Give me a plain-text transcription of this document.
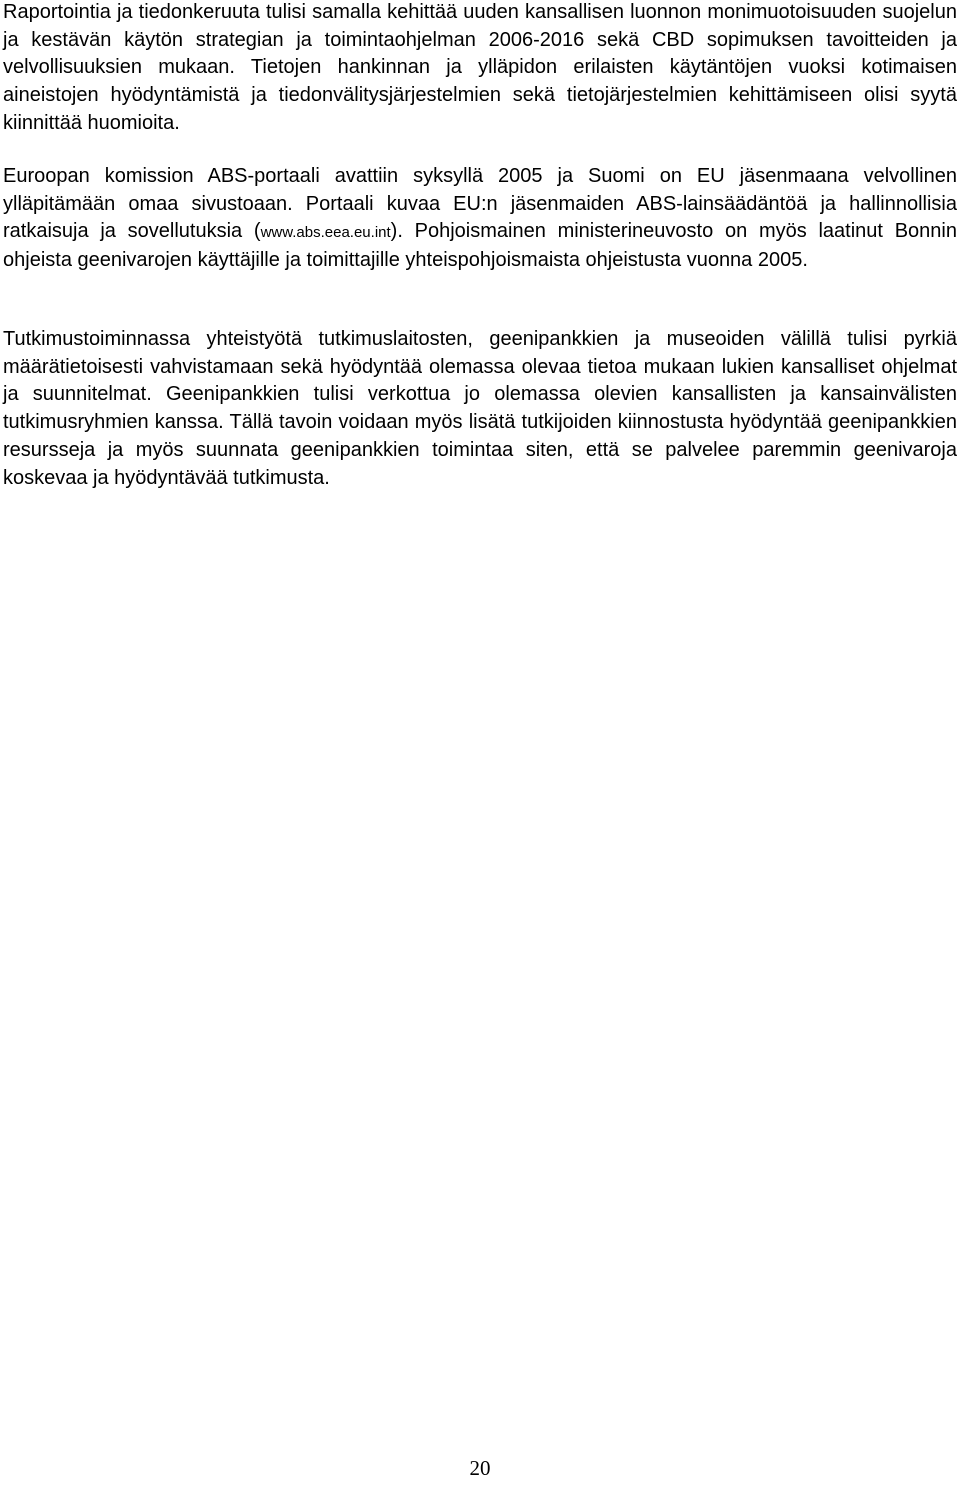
Raportointia ja tiedonkeruuta tulisi samalla kehittää uuden kansallisen luonnon monimuotoisuuden suojelun ja kestävän käytön strategian ja toimintaohjelman 2006-2016 sekä CBD sopimuksen tavoitteiden ja velvollisuuksien mukaan. Tietojen hankinnan ja ylläpidon erilaisten käytäntöjen vuoksi kotimaisen aineistojen hyödyntämistä ja tiedonvälitysjärjestelmien sekä tietojärjestelmien kehittämiseen olisi syytä kiinnittää huomioita.

Euroopan komission ABS-portaali avattiin syksyllä 2005 ja Suomi on EU jäsenmaana velvollinen ylläpitämään omaa sivustoaan. Portaali kuvaa EU:n jäsenmaiden ABS-lainsäädäntöä ja hallinnollisia ratkaisuja ja sovellutuksia (www.abs.eea.eu.int). Pohjoismainen ministerineuvosto on myös laatinut Bonnin ohjeista geenivarojen käyttäjille ja toimittajille yhteispohjoismaista ohjeistusta vuonna 2005.

Tutkimustoiminnassa yhteistyötä tutkimuslaitosten, geenipankkien ja museoiden välillä tulisi pyrkiä määrätietoisesti vahvistamaan sekä hyödyntää olemassa olevaa tietoa mukaan lukien kansalliset ohjelmat ja suunnitelmat. Geenipankkien tulisi verkottua jo olemassa olevien kansallisten ja kansainvälisten tutkimusryhmien kanssa. Tällä tavoin voidaan myös lisätä tutkijoiden kiinnostusta hyödyntää geenipankkien resursseja ja myös suunnata geenipankkien toimintaa siten, että se palvelee paremmin geenivaroja koskevaa ja hyödyntävää tutkimusta.

20
